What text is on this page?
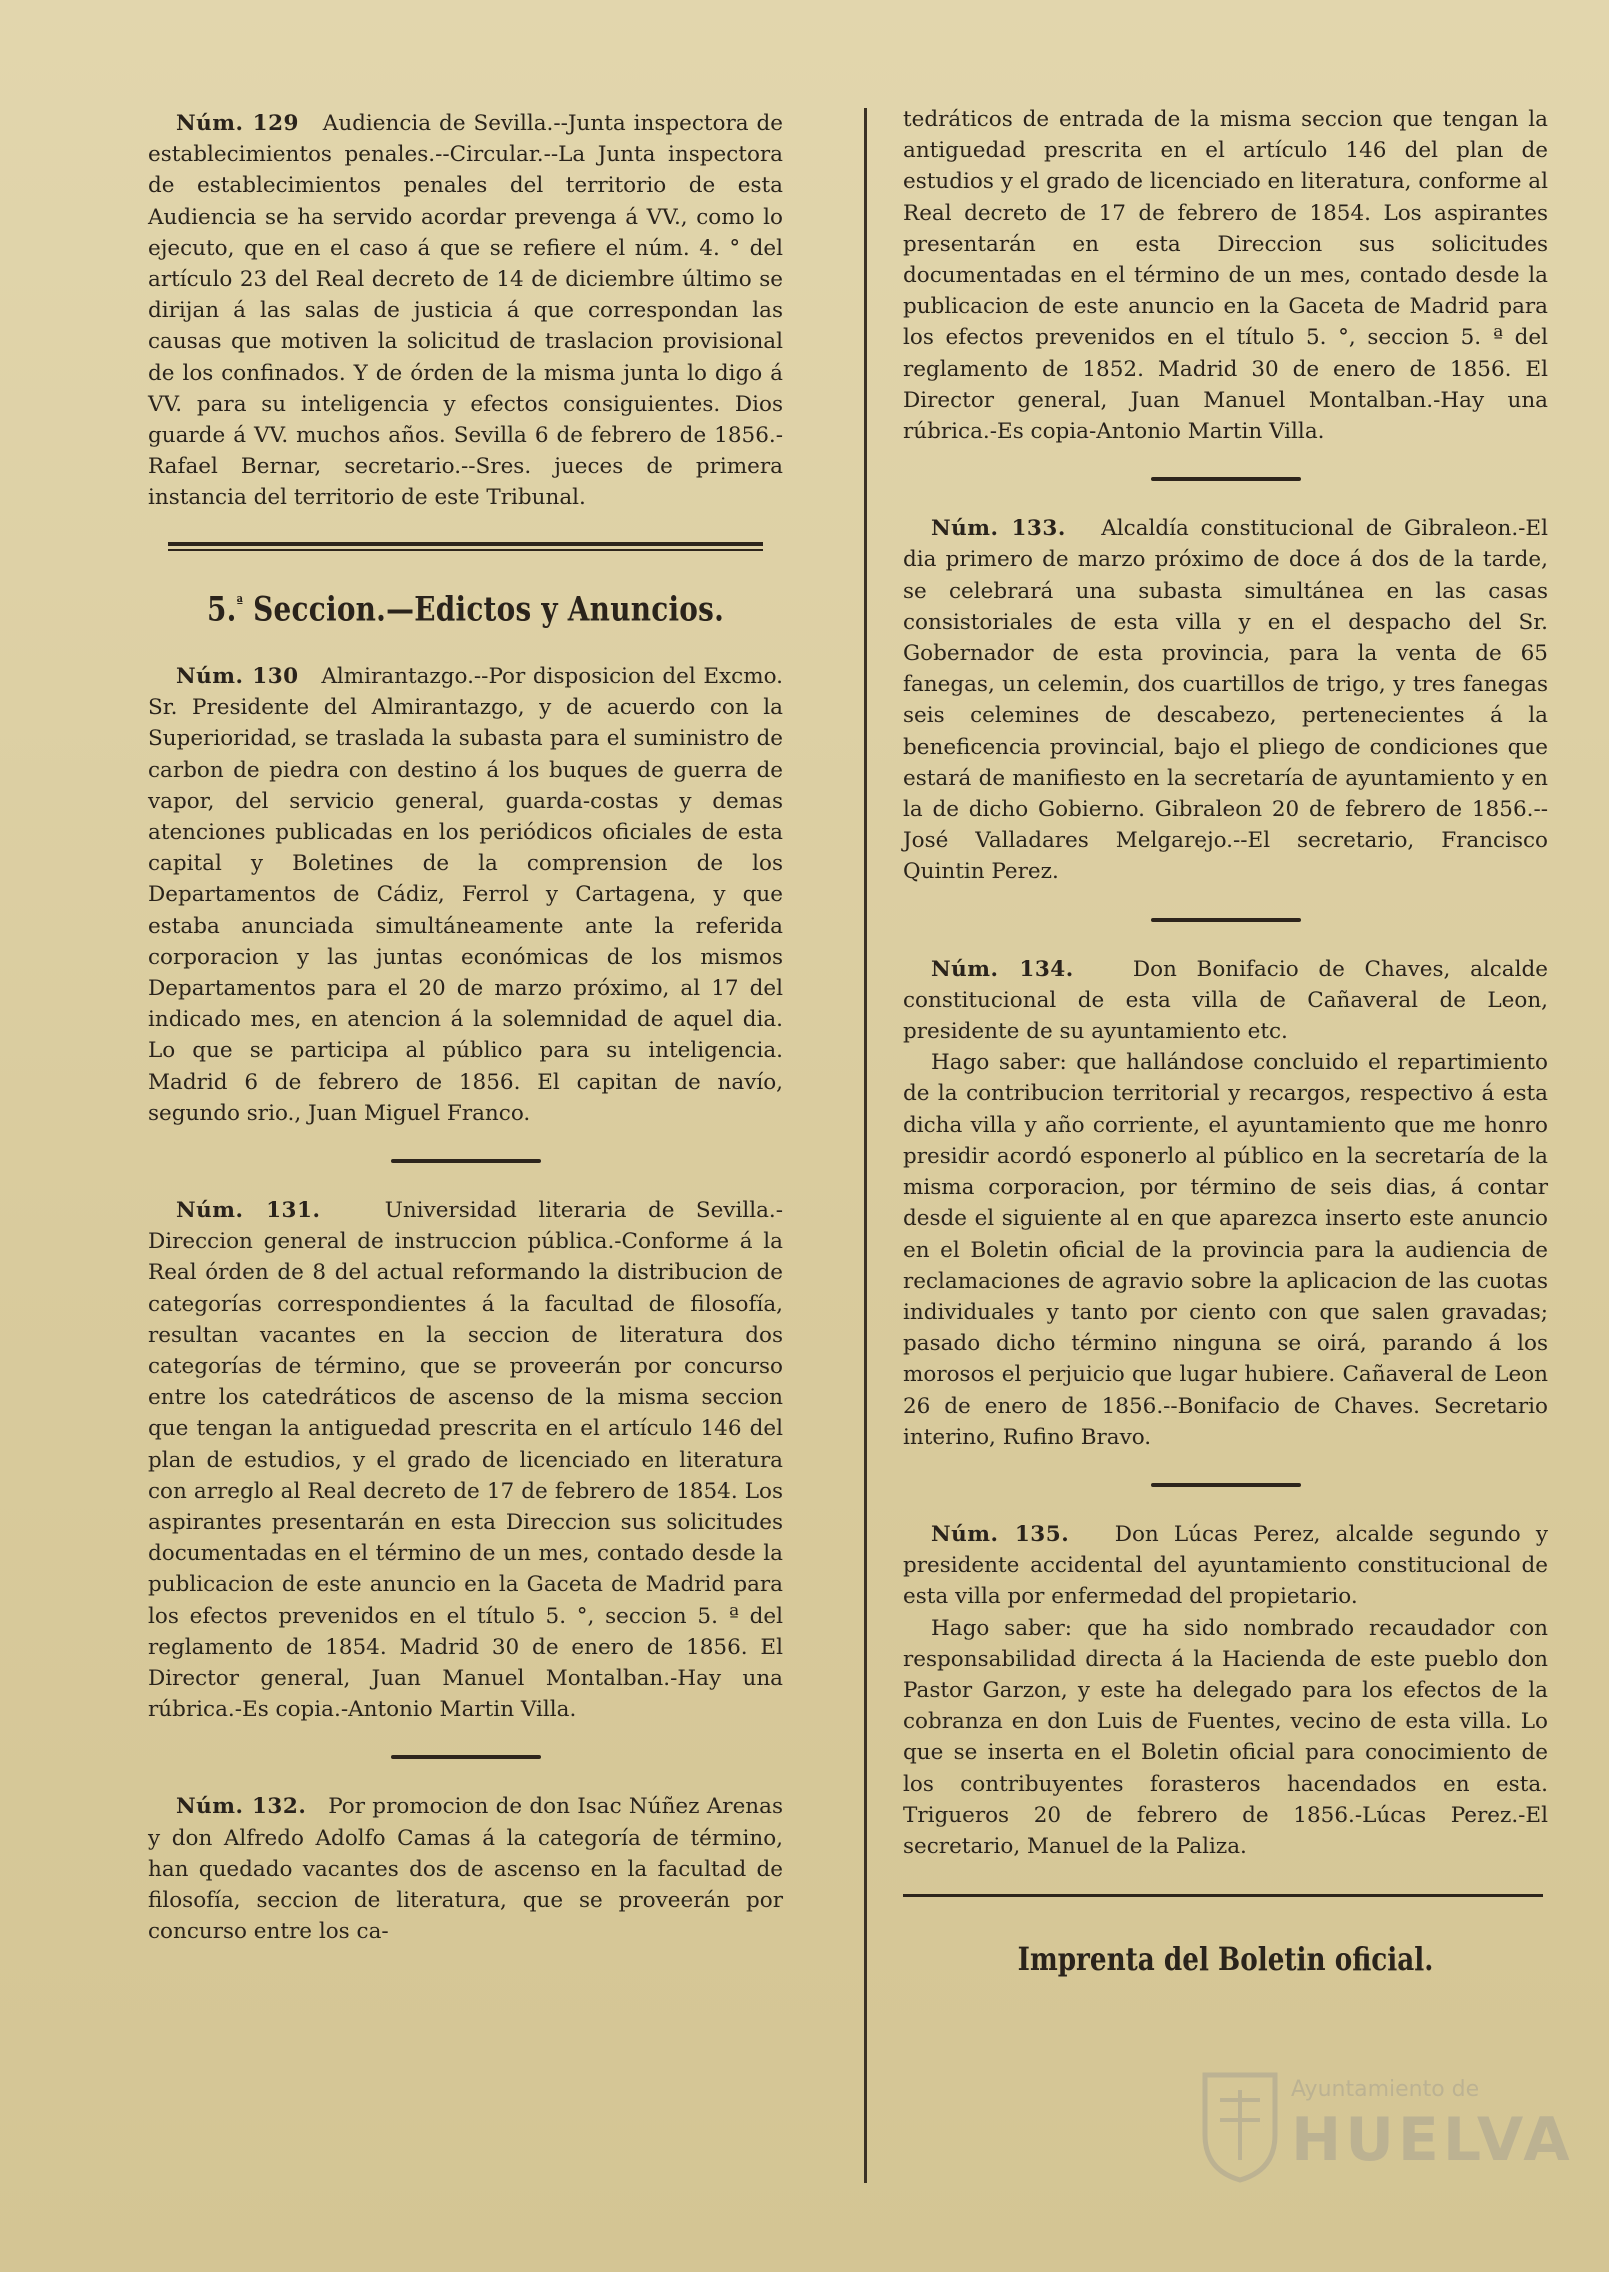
Núm. 129 Audiencia de Sevilla.--Junta inspectora de establecimientos penales.--Circular.--La Junta inspectora de establecimientos penales del territorio de esta Audiencia se ha servido acordar prevenga á VV., como lo ejecuto, que en el caso á que se refiere el núm. 4. ° del artículo 23 del Real decreto de 14 de diciembre último se dirijan á las salas de justicia á que correspondan las causas que motiven la solicitud de traslacion provisional de los confinados. Y de órden de la misma junta lo digo á VV. para su inteligencia y efectos consiguientes. Dios guarde á VV. muchos años. Sevilla 6 de febrero de 1856.-Rafael Bernar, secretario.--Sres. jueces de primera instancia del territorio de este Tribunal.

5.$^ª$ Seccion.—Edictos y Anuncios.

Núm. 130 Almirantazgo.--Por disposicion del Excmo. Sr. Presidente del Almirantazgo, y de acuerdo con la Superioridad, se traslada la subasta para el suministro de carbon de piedra con destino á los buques de guerra de vapor, del servicio general, guarda-costas y demas atenciones publicadas en los periódicos oficiales de esta capital y Boletines de la comprension de los Departamentos de Cádiz, Ferrol y Cartagena, y que estaba anunciada simultáneamente ante la referida corporacion y las juntas económicas de los mismos Departamentos para el 20 de marzo próximo, al 17 del indicado mes, en atencion á la solemnidad de aquel dia. Lo que se participa al público para su inteligencia. Madrid 6 de febrero de 1856. El capitan de navío, segundo srio., Juan Miguel Franco.

Núm. 131.	Universidad literaria de Sevilla.-Direccion general de instruccion pública.-Conforme á la Real órden de 8 del actual reformando la distribucion de categorías correspondientes á la facultad de filosofía, resultan vacantes en la seccion de literatura dos categorías de término, que se proveerán por concurso entre los catedráticos de ascenso de la misma seccion que tengan la antiguedad prescrita en el artículo 146 del plan de estudios, y el grado de licenciado en literatura con arreglo al Real decreto de 17 de febrero de 1854. Los aspirantes presentarán en esta Direccion sus solicitudes documentadas en el término de un mes, contado desde la publicacion de este anuncio en la Gaceta de Madrid para los efectos prevenidos en el título 5. °, seccion 5. ª del reglamento de 1854. Madrid 30 de enero de 1856. El Director general, Juan Manuel Montalban.-Hay una rúbrica.-Es copia.-Antonio Martin Villa.

Núm. 132. Por promocion de don Isac Núñez Arenas y don Alfredo Adolfo Camas á la categoría de término, han quedado vacantes dos de ascenso en la facultad de filosofía, seccion de literatura, que se proveerán por concurso entre los ca-

tedráticos de entrada de la misma seccion que tengan la antiguedad prescrita en el artículo 146 del plan de estudios y el grado de licenciado en literatura, conforme al Real decreto de 17 de febrero de 1854. Los aspirantes presentarán en esta Direccion sus solicitudes documentadas en el término de un mes, contado desde la publicacion de este anuncio en la Gaceta de Madrid para los efectos prevenidos en el título 5. °, seccion 5. ª del reglamento de 1852. Madrid 30 de enero de 1856. El Director general, Juan Manuel Montalban.-Hay una rúbrica.-Es copia-Antonio Martin Villa.

Núm. 133. Alcaldía constitucional de Gibraleon.-El dia primero de marzo próximo de doce á dos de la tarde, se celebrará una subasta simultánea en las casas consistoriales de esta villa y en el despacho del Sr. Gobernador de esta provincia, para la venta de 65 fanegas, un celemin, dos cuartillos de trigo, y tres fanegas seis celemines de descabezo, pertenecientes á la beneficencia provincial, bajo el pliego de condiciones que estará de manifiesto en la secretaría de ayuntamiento y en la de dicho Gobierno. Gibraleon 20 de febrero de 1856.--José Valladares Melgarejo.--El secretario, Francisco Quintin Perez.

Núm. 134.	Don Bonifacio de Chaves, alcalde constitucional de esta villa de Cañaveral de Leon, presidente de su ayuntamiento etc.

Hago saber: que hallándose concluido el repartimiento de la contribucion territorial y recargos, respectivo á esta dicha villa y año corriente, el ayuntamiento que me honro presidir acordó esponerlo al público en la secretaría de la misma corporacion, por término de seis dias, á contar desde el siguiente al en que aparezca inserto este anuncio en el Boletin oficial de la provincia para la audiencia de reclamaciones de agravio sobre la aplicacion de las cuotas individuales y tanto por ciento con que salen gravadas; pasado dicho término ninguna se oirá, parando á los morosos el perjuicio que lugar hubiere. Cañaveral de Leon 26 de enero de 1856.--Bonifacio de Chaves. Secretario interino, Rufino Bravo.

Núm. 135. Don Lúcas Perez, alcalde segundo y presidente accidental del ayuntamiento constitucional de esta villa por enfermedad del propietario.

Hago saber: que ha sido nombrado recaudador con responsabilidad directa á la Hacienda de este pueblo don Pastor Garzon, y este ha delegado para los efectos de la cobranza en don Luis de Fuentes, vecino de esta villa. Lo que se inserta en el Boletin oficial para conocimiento de los contribuyentes forasteros hacendados en esta. Trigueros 20 de febrero de 1856.-Lúcas Perez.-El secretario, Manuel de la Paliza.

Imprenta del Boletin oficial.
Ayuntamiento de
HUELVA
